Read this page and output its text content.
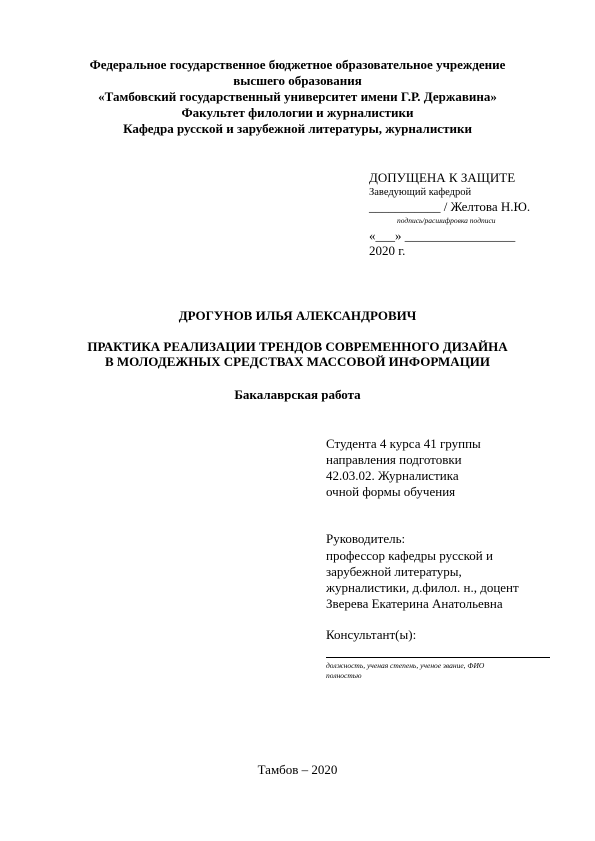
Федеральное государственное бюджетное образовательное учреждение
высшего образования
«Тамбовский государственный университет имени Г.Р. Державина»
Факультет филологии и журналистики
Кафедра русской и зарубежной литературы, журналистики
ДОПУЩЕНА К ЗАЩИТЕ
Заведующий кафедрой
___________ / Желтова Н.Ю.
подпись/расшифровка подписи
«___» _________________
2020 г.
ДРОГУНОВ ИЛЬЯ АЛЕКСАНДРОВИЧ
ПРАКТИКА РЕАЛИЗАЦИИ ТРЕНДОВ СОВРЕМЕННОГО ДИЗАЙНА
В МОЛОДЕЖНЫХ СРЕДСТВАХ МАССОВОЙ ИНФОРМАЦИИ
Бакалаврская работа
Студента 4 курса 41 группы
направления подготовки
42.03.02. Журналистика
очной формы обучения
Руководитель:
профессор кафедры русской и
зарубежной литературы,
журналистики, д.филол. н., доцент
Зверева Екатерина Анатольевна
Консультант(ы):
должность, ученая степень, ученое звание, ФИО
полностью
Тамбов – 2020
